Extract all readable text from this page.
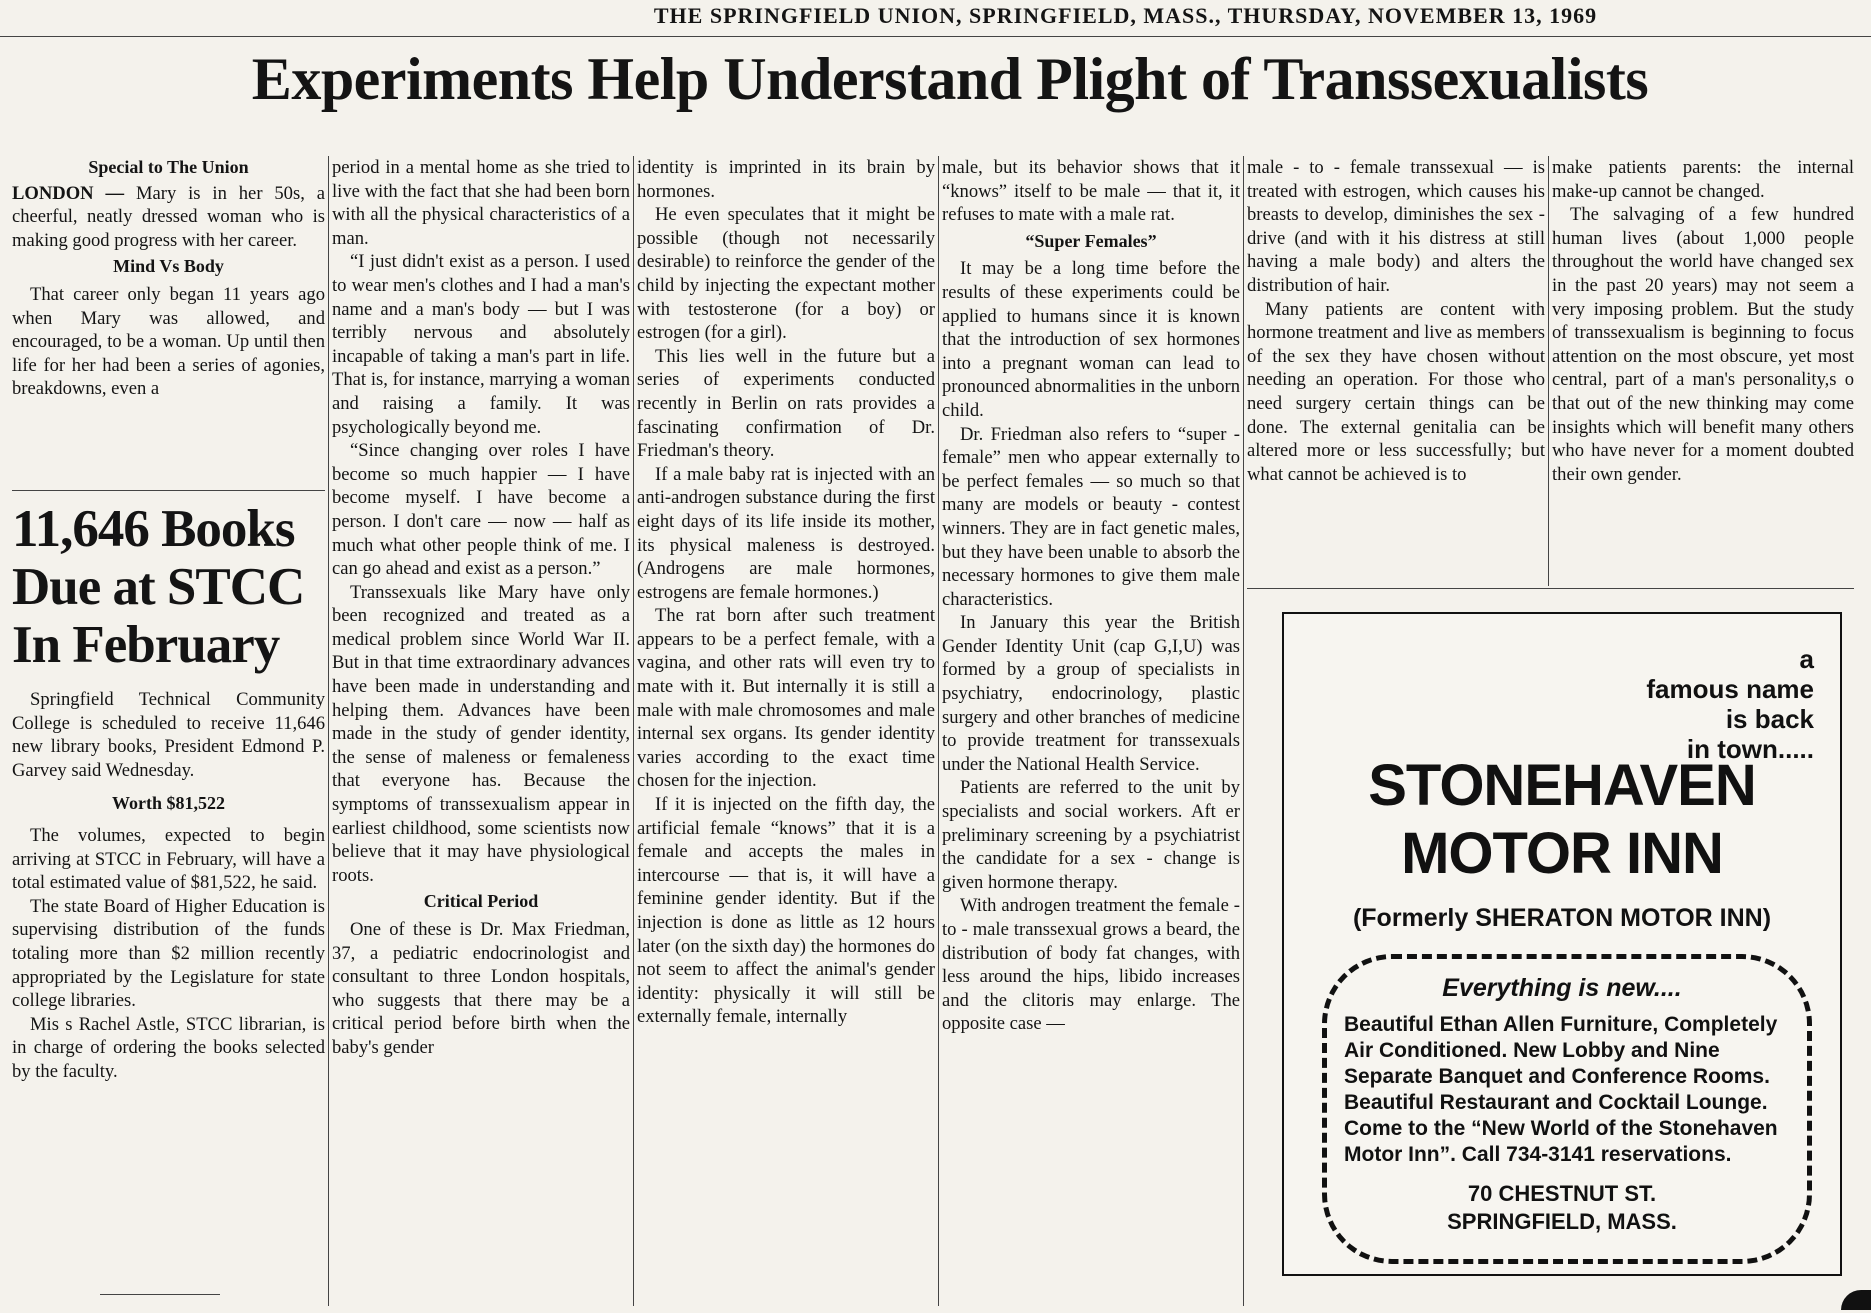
THE SPRINGFIELD UNION, SPRINGFIELD, MASS., THURSDAY, NOVEMBER 13, 1969
Experiments Help Understand Plight of Transsexualists

Special to The Union

LONDON — Mary is in her 50s, a cheerful, neatly dressed woman who is making good progress with her career.

Mind Vs Body

That career only began 11 years ago when Mary was allowed, and encouraged, to be a woman. Up until then life for her had been a series of agonies, breakdowns, even a

11,646 Books
Due at STCC
In February

Springfield Technical Community College is scheduled to receive 11,646 new library books, President Edmond P. Garvey said Wednesday.

Worth $81,522

The volumes, expected to begin arriving at STCC in February, will have a total estimated value of $81,522, he said.

The state Board of Higher Education is supervising distribution of the funds totaling more than $2 million recently appropriated by the Legislature for state college libraries.

Mis s Rachel Astle, STCC librarian, is in charge of ordering the books selected by the faculty.

period in a mental home as she tried to live with the fact that she had been born with all the physical characteristics of a man.

“I just didn't exist as a person. I used to wear men's clothes and I had a man's name and a man's body — but I was terribly nervous and absolutely incapable of taking a man's part in life. That is, for instance, marrying a woman and raising a family. It was psychologically beyond me.

“Since changing over roles I have become so much happier — I have become myself. I have become a person. I don't care — now — half as much what other people think of me. I can go ahead and exist as a person.”

Transsexuals like Mary have only been recognized and treated as a medical problem since World War II. But in that time extraordinary advances have been made in understanding and helping them. Advances have been made in the study of gender identity, the sense of maleness or femaleness that everyone has. Because the symptoms of transsexualism appear in earliest childhood, some scientists now believe that it may have physiological roots.

Critical Period

One of these is Dr. Max Friedman, 37, a pediatric endocrinologist and consultant to three London hospitals, who suggests that there may be a critical period before birth when the baby's gender

identity is imprinted in its brain by hormones.

He even speculates that it might be possible (though not necessarily desirable) to reinforce the gender of the child by injecting the expectant mother with testosterone (for a boy) or estrogen (for a girl).

This lies well in the future but a series of experiments conducted recently in Berlin on rats provides a fascinating confirmation of Dr. Friedman's theory.

If a male baby rat is injected with an anti-androgen substance during the first eight days of its life inside its mother, its physical maleness is destroyed. (Androgens are male hormones, estrogens are female hormones.)

The rat born after such treatment appears to be a perfect female, with a vagina, and other rats will even try to mate with it. But internally it is still a male with male chromosomes and male internal sex organs. Its gender identity varies according to the exact time chosen for the injection.

If it is injected on the fifth day, the artificial female “knows” that it is a female and accepts the males in intercourse — that is, it will have a feminine gender identity. But if the injection is done as little as 12 hours later (on the sixth day) the hormones do not seem to affect the animal's gender identity: physically it will still be externally female, internally

male, but its behavior shows that it “knows” itself to be male — that it, it refuses to mate with a male rat.

“Super Females”

It may be a long time before the results of these experiments could be applied to humans since it is known that the introduction of sex hormones into a pregnant woman can lead to pronounced abnormalities in the unborn child.

Dr. Friedman also refers to “super - female” men who appear externally to be perfect females — so much so that many are models or beauty - contest winners. They are in fact genetic males, but they have been unable to absorb the necessary hormones to give them male characteristics.

In January this year the British Gender Identity Unit (cap G,I,U) was formed by a group of specialists in psychiatry, endocrinology, plastic surgery and other branches of medicine to provide treatment for transsexuals under the National Health Service.

Patients are referred to the unit by specialists and social workers. Aft er preliminary screening by a psychiatrist the candidate for a sex - change is given hormone therapy.

With androgen treatment the female - to - male transsexual grows a beard, the distribution of body fat changes, with less around the hips, libido increases and the clitoris may enlarge. The opposite case —

male - to - female transsexual — is treated with estrogen, which causes his breasts to develop, diminishes the sex - drive (and with it his distress at still having a male body) and alters the distribution of hair.

Many patients are content with hormone treatment and live as members of the sex they have chosen without needing an operation. For those who need surgery certain things can be done. The external genitalia can be altered more or less successfully; but what cannot be achieved is to

make patients parents: the internal make-up cannot be changed.

The salvaging of a few hundred human lives (about 1,000 people throughout the world have changed sex in the past 20 years) may not seem a very imposing problem. But the study of transsexualism is beginning to focus attention on the most obscure, yet most central, part of a man's personality,s o that out of the new thinking may come insights which will benefit many others who have never for a moment doubted their own gender.

a
famous name
is back
in town.....
STONEHAVEN
MOTOR INN
(Formerly SHERATON MOTOR INN)
Everything is new....
Beautiful Ethan Allen Furniture, Completely Air Conditioned. New Lobby and Nine Separate Banquet and Conference Rooms. Beautiful Restaurant and Cocktail Lounge. Come to the “New World of the Stonehaven Motor Inn”. Call 734-3141 reservations.
70 CHESTNUT ST.
SPRINGFIELD, MASS.
